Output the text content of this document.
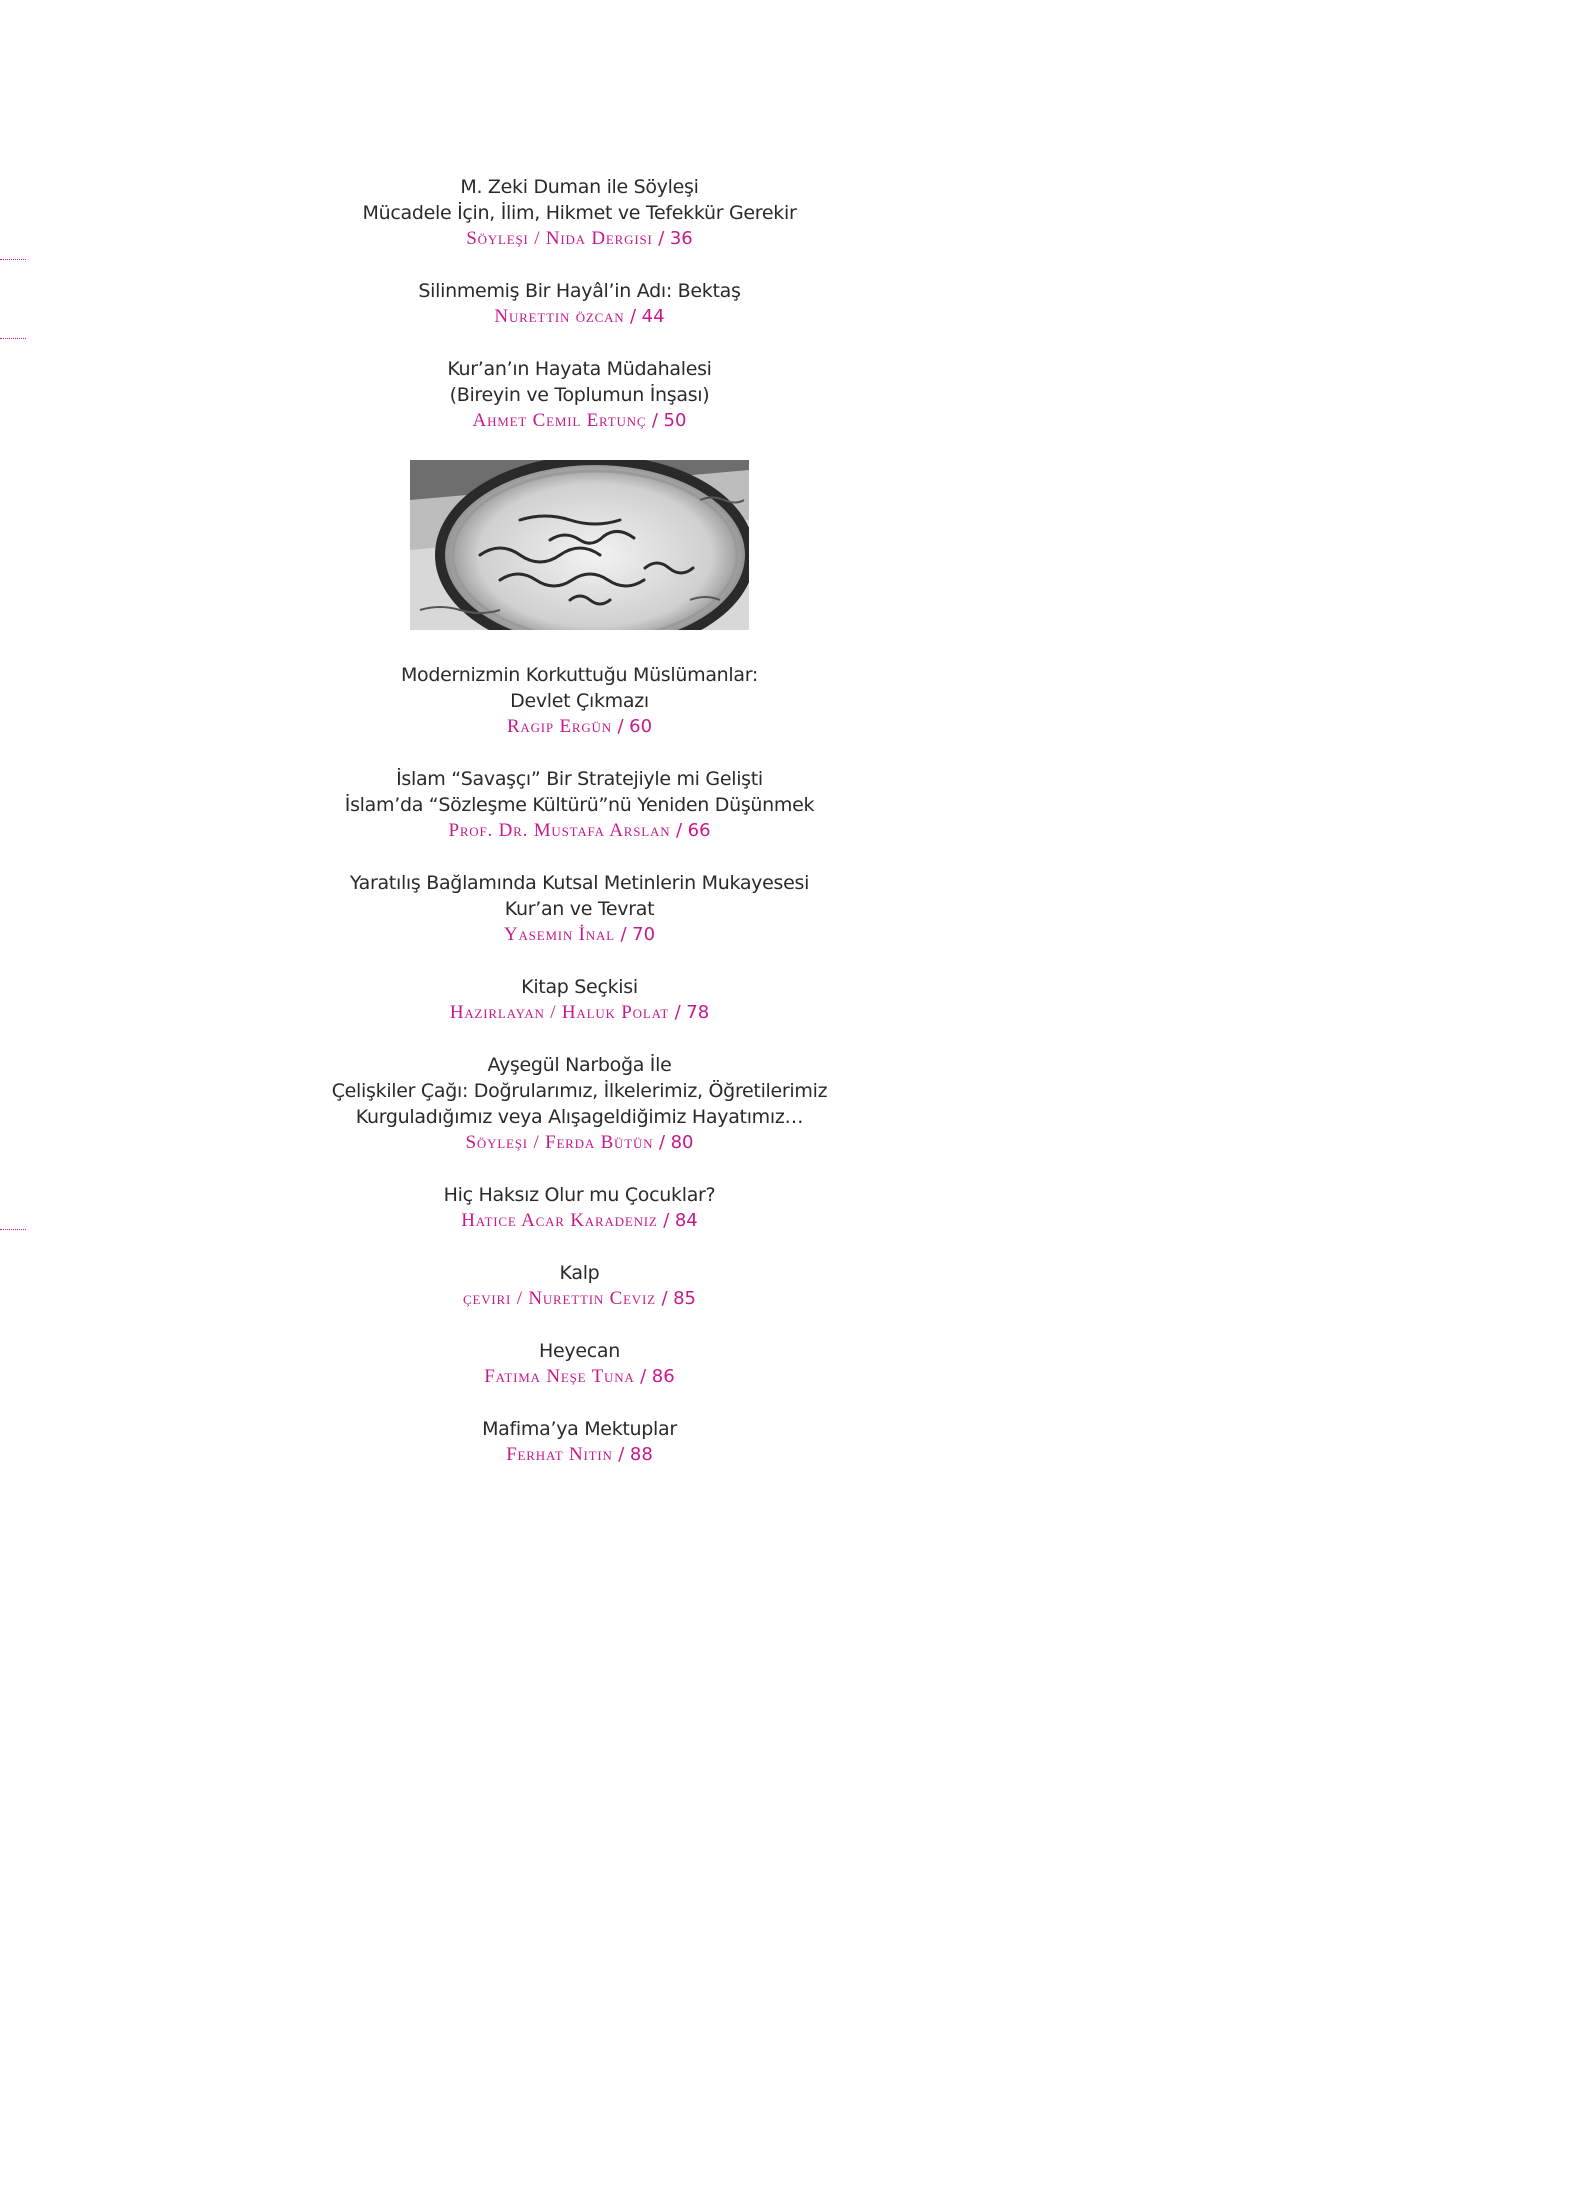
M. Zeki Duman ile Söyleşi
Mücadele İçin, İlim, Hikmet ve Tefekkür Gerekir
Söyleşi / Nida Dergisi / 36
Silinmemiş Bir Hayâl’in Adı: Bektaş
Nurettin özcan / 44
Kur’an’ın Hayata Müdahalesi
(Bireyin ve Toplumun İnşası)
Ahmet Cemil Ertunç / 50
Modernizmin Korkuttuğu Müslümanlar:
Devlet Çıkmazı
Ragıp Ergün / 60
İslam “Savaşçı” Bir Stratejiyle mi Gelişti
İslam’da “Sözleşme Kültürü”nü Yeniden Düşünmek
Prof. Dr. Mustafa Arslan / 66
Yaratılış Bağlamında Kutsal Metinlerin Mukayesesi
Kur’an ve Tevrat
Yasemin İnal / 70
Kitap Seçkisi
Hazırlayan / Haluk Polat / 78
Ayşegül Narboğa İle
Çelişkiler Çağı: Doğrularımız, İlkelerimiz, Öğretilerimiz
Kurguladığımız veya Alışageldiğimiz Hayatımız…
Söyleşi / Ferda Bütün / 80
Hiç Haksız Olur mu Çocuklar?
Hatice Acar Karadeniz / 84
Kalp
çeviri / Nurettin Ceviz / 85
Heyecan
Fatıma Neşe Tuna / 86
Mafima’ya Mektuplar
Ferhat Nitin / 88
